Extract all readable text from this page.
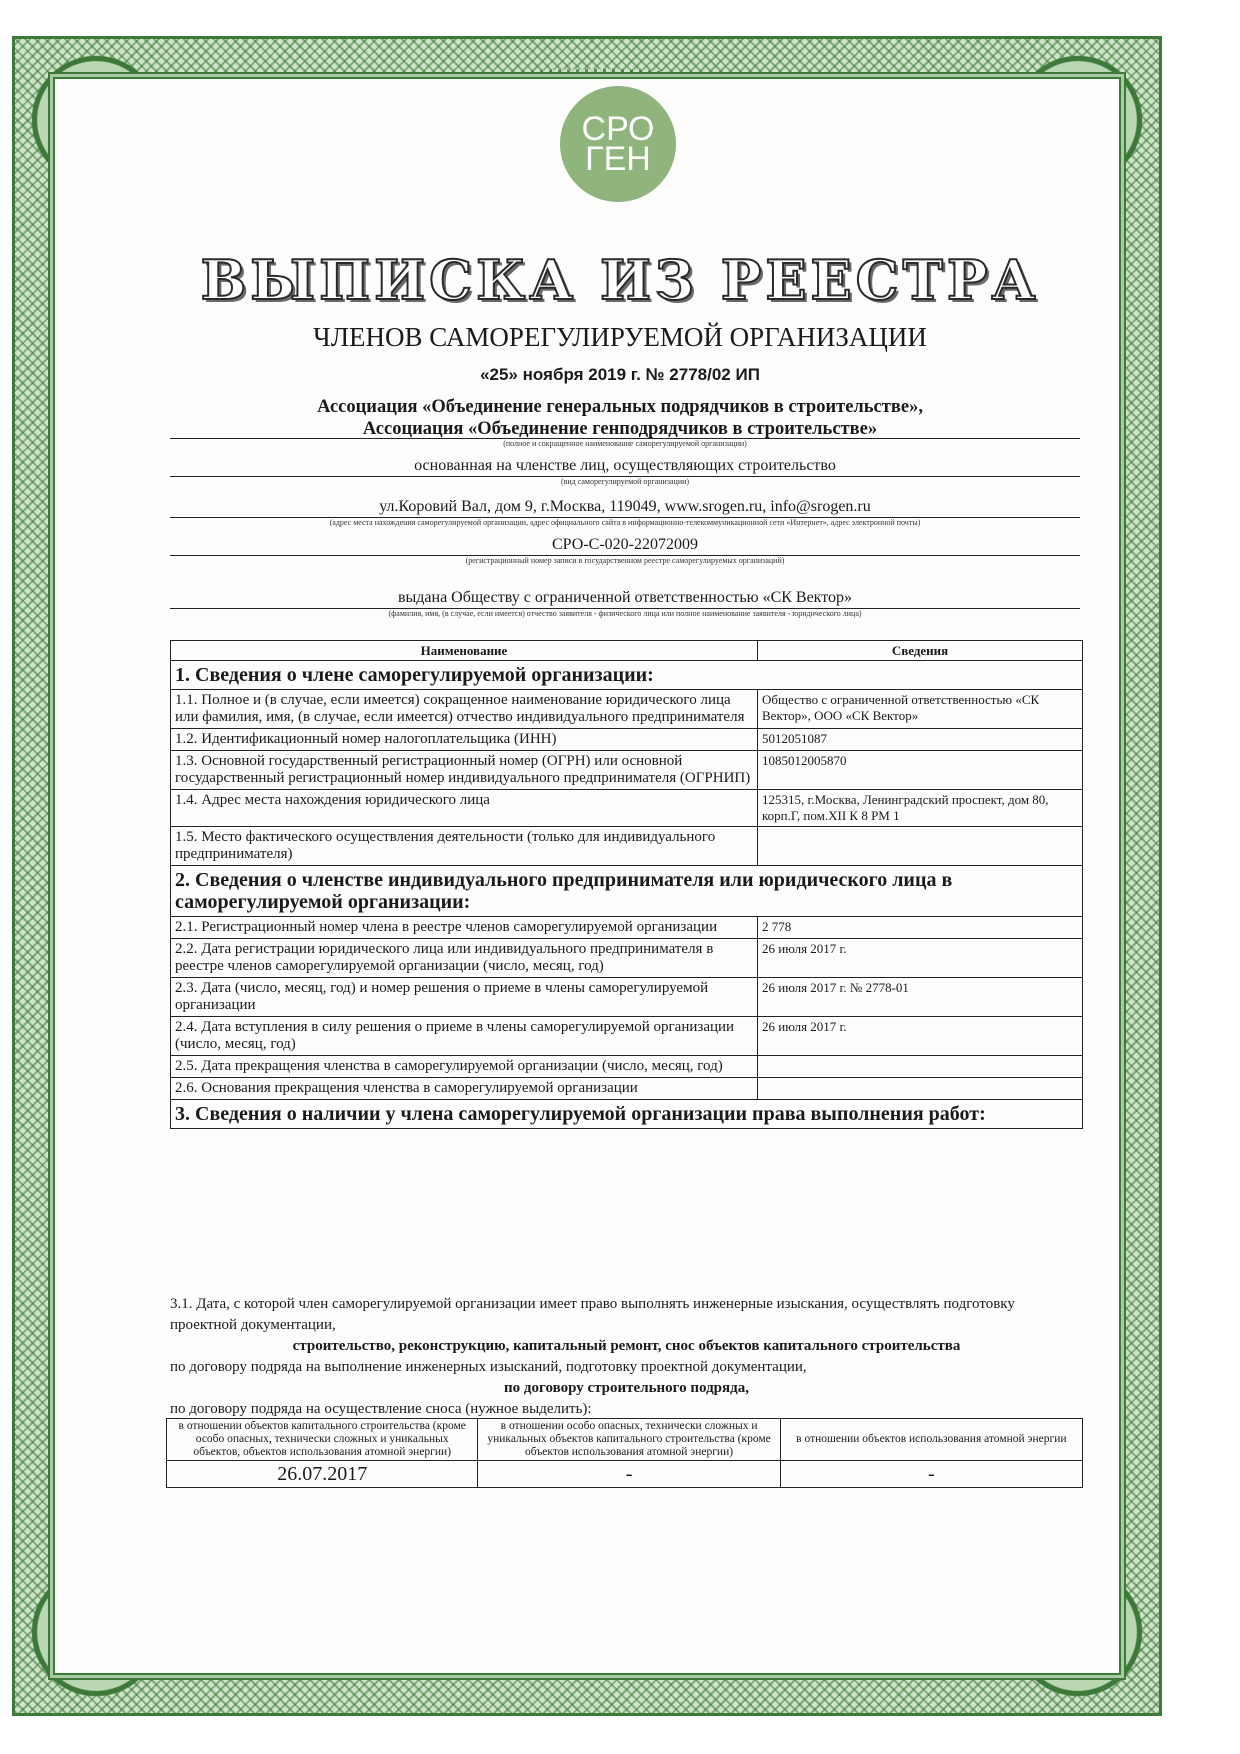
СРО
ГЕН
ВЫПИСКА ИЗ РЕЕСТРА
ЧЛЕНОВ САМОРЕГУЛИРУЕМОЙ ОРГАНИЗАЦИИ
«25» ноября 2019 г. № 2778/02 ИП
Ассоциация «Объединение генеральных подрядчиков в строительстве»,
Ассоциация «Объединение генподрядчиков в строительстве»
(полное и сокращенное наименование саморегулируемой организации)
основанная на членстве лиц, осуществляющих строительство
(вид саморегулируемой организации)
ул.Коровий Вал, дом 9, г.Москва, 119049, www.srogen.ru, info@srogen.ru
(адрес места нахождения саморегулируемой организации, адрес официального сайта в информационно-телекоммуникационной сети «Интернет», адрес электронной почты)
СРО-С-020-22072009
(регистрационный номер записи в государственном реестре саморегулируемых организаций)
выдана Обществу с ограниченной ответственностью «СК Вектор»
(фамилия, имя, (в случае, если имеется) отчество заявителя - физического лица или полное наименование заявителя - юридического лица)
Наименование	Сведения
1. Сведения о члене саморегулируемой организации:	
1.1. Полное и (в случае, если имеется) сокращенное наименование юридического лица или фамилия, имя, (в случае, если имеется) отчество индивидуального предпринимателя	Общество с ограниченной ответственностью «СК Вектор», ООО «СК Вектор»
1.2. Идентификационный номер налогоплательщика (ИНН)	5012051087
1.3. Основной государственный регистрационный номер (ОГРН) или основной государственный регистрационный номер индивидуального предпринимателя (ОГРНИП)	1085012005870
1.4. Адрес места нахождения юридического лица	125315, г.Москва, Ленинградский проспект, дом 80, корп.Г, пом.XII К 8 РМ 1
1.5. Место фактического осуществления деятельности (только для индивидуального предпринимателя)	
2. Сведения о членстве индивидуального предпринимателя или юридического лица в саморегулируемой организации:	
2.1. Регистрационный номер члена в реестре членов саморегулируемой организации	2 778
2.2. Дата регистрации юридического лица или индивидуального предпринимателя в реестре членов саморегулируемой организации (число, месяц, год)	26 июля 2017 г.
2.3. Дата (число, месяц, год) и номер решения о приеме в члены саморегулируемой организации	26 июля 2017 г. № 2778-01
2.4. Дата вступления в силу решения о приеме в члены саморегулируемой организации (число, месяц, год)	26 июля 2017 г.
2.5. Дата прекращения членства в саморегулируемой организации (число, месяц, год)	
2.6. Основания прекращения членства в саморегулируемой организации	
3. Сведения о наличии у члена саморегулируемой организации права выполнения работ:	
3.1. Дата, с которой член саморегулируемой организации имеет право выполнять инженерные изыскания, осуществлять подготовку проектной документации,
строительство, реконструкцию, капитальный ремонт, снос объектов капитального строительства
по договору подряда на выполнение инженерных изысканий, подготовку проектной документации,
по договору строительного подряда,
по договору подряда на осуществление сноса (нужное выделить):
в отношении объектов капитального строительства (кроме особо опасных, технически сложных и уникальных объектов, объектов использования атомной энергии)	в отношении особо опасных, технически сложных и уникальных объектов капитального строительства (кроме объектов использования атомной энергии)	в отношении объектов использования атомной энергии
26.07.2017	-	-
